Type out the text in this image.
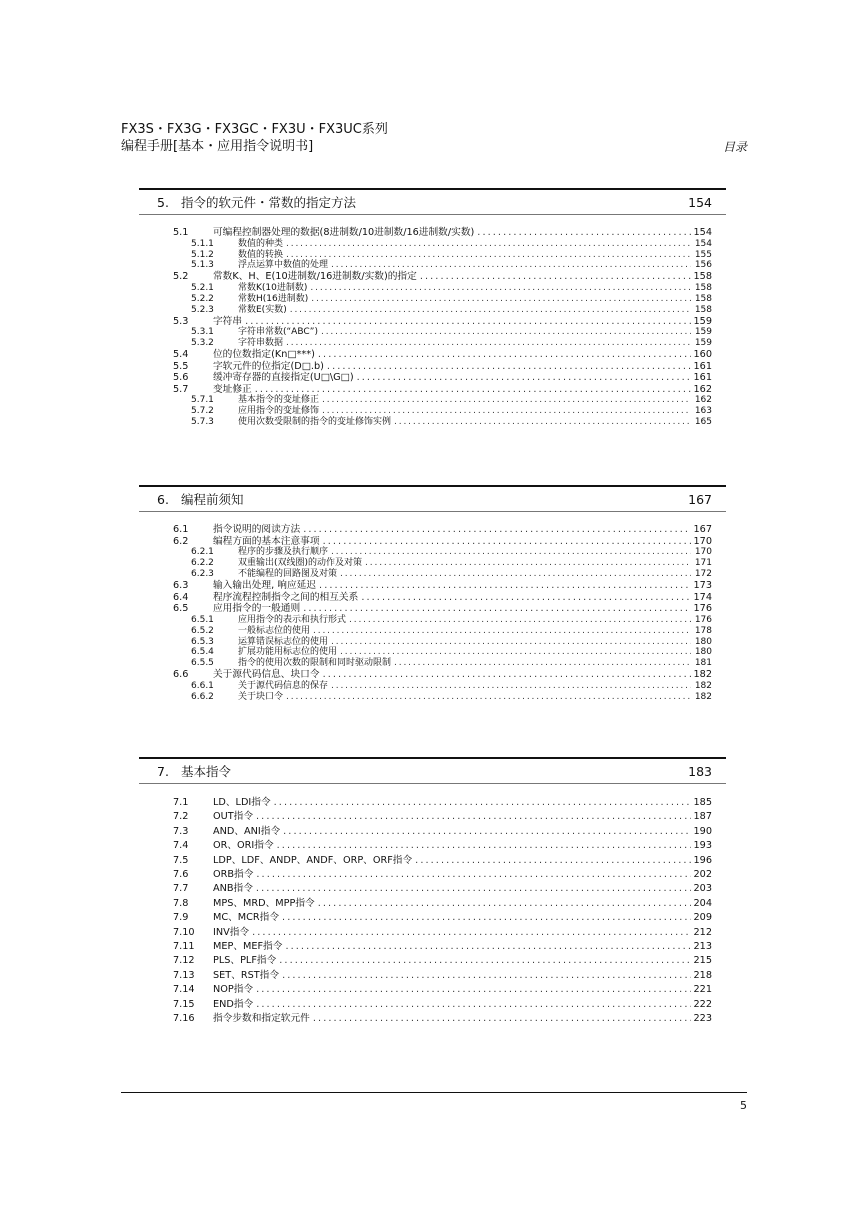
FX3S・FX3G・FX3GC・FX3U・FX3UC系列
编程手册[基本・应用指令说明书]	目录
5. 指令的软元件・常数的指定方法	154
5.1	可编程控制器处理的数据(8进制数/10进制数/16进制数/实数) . . .	154
5.1.1	数值的种类 . . .	154
5.1.2	数值的转换 . . .	155
5.1.3	浮点运算中数值的处理 . . .	156
5.2	常数K、H、E(10进制数/16进制数/实数)的指定 . . .	158
5.2.1	常数K(10进制数) . . .	158
5.2.2	常数H(16进制数) . . .	158
5.2.3	常数E(实数) . . .	158
5.3	字符串 . . .	159
5.3.1	字符串常数(“ABC”) . . .	159
5.3.2	字符串数据 . . .	159
5.4	位的位数指定(Kn□***) . . .	160
5.5	字软元件的位指定(D□.b) . . .	161
5.6	缓冲寄存器的直接指定(U□\G□) . . .	161
5.7	变址修正 . . .	162
5.7.1	基本指令的变址修正 . . .	162
5.7.2	应用指令的变址修饰 . . .	163
5.7.3	使用次数受限制的指令的变址修饰实例 . . .	165
6. 编程前须知	167
6.1	指令说明的阅读方法 . . .	167
6.2	编程方面的基本注意事项 . . .	170
6.2.1	程序的步骤及执行顺序 . . .	170
6.2.2	双重输出(双线圈)的动作及对策 . . .	171
6.2.3	不能编程的回路图及对策 . . .	172
6.3	输入输出处理, 响应延迟 . . .	173
6.4	程序流程控制指令之间的相互关系 . . .	174
6.5	应用指令的一般通则 . . .	176
6.5.1	应用指令的表示和执行形式 . . .	176
6.5.2	一般标志位的使用 . . .	178
6.5.3	运算错误标志位的使用 . . .	180
6.5.4	扩展功能用标志位的使用 . . .	180
6.5.5	指令的使用次数的限制和同时驱动限制 . . .	181
6.6	关于源代码信息、块口令 . . .	182
6.6.1	关于源代码信息的保存 . . .	182
6.6.2	关于块口令 . . .	182
7. 基本指令	183
7.1	LD、LDI指令 . . .	185
7.2	OUT指令 . . .	187
7.3	AND、ANI指令 . . .	190
7.4	OR、ORI指令 . . .	193
7.5	LDP、LDF、ANDP、ANDF、ORP、ORF指令 . . .	196
7.6	ORB指令 . . .	202
7.7	ANB指令 . . .	203
7.8	MPS、MRD、MPP指令 . . .	204
7.9	MC、MCR指令 . . .	209
7.10	INV指令 . . .	212
7.11	MEP、MEF指令 . . .	213
7.12	PLS、PLF指令 . . .	215
7.13	SET、RST指令 . . .	218
7.14	NOP指令 . . .	221
7.15	END指令 . . .	222
7.16	指令步数和指定软元件 . . .	223
5
